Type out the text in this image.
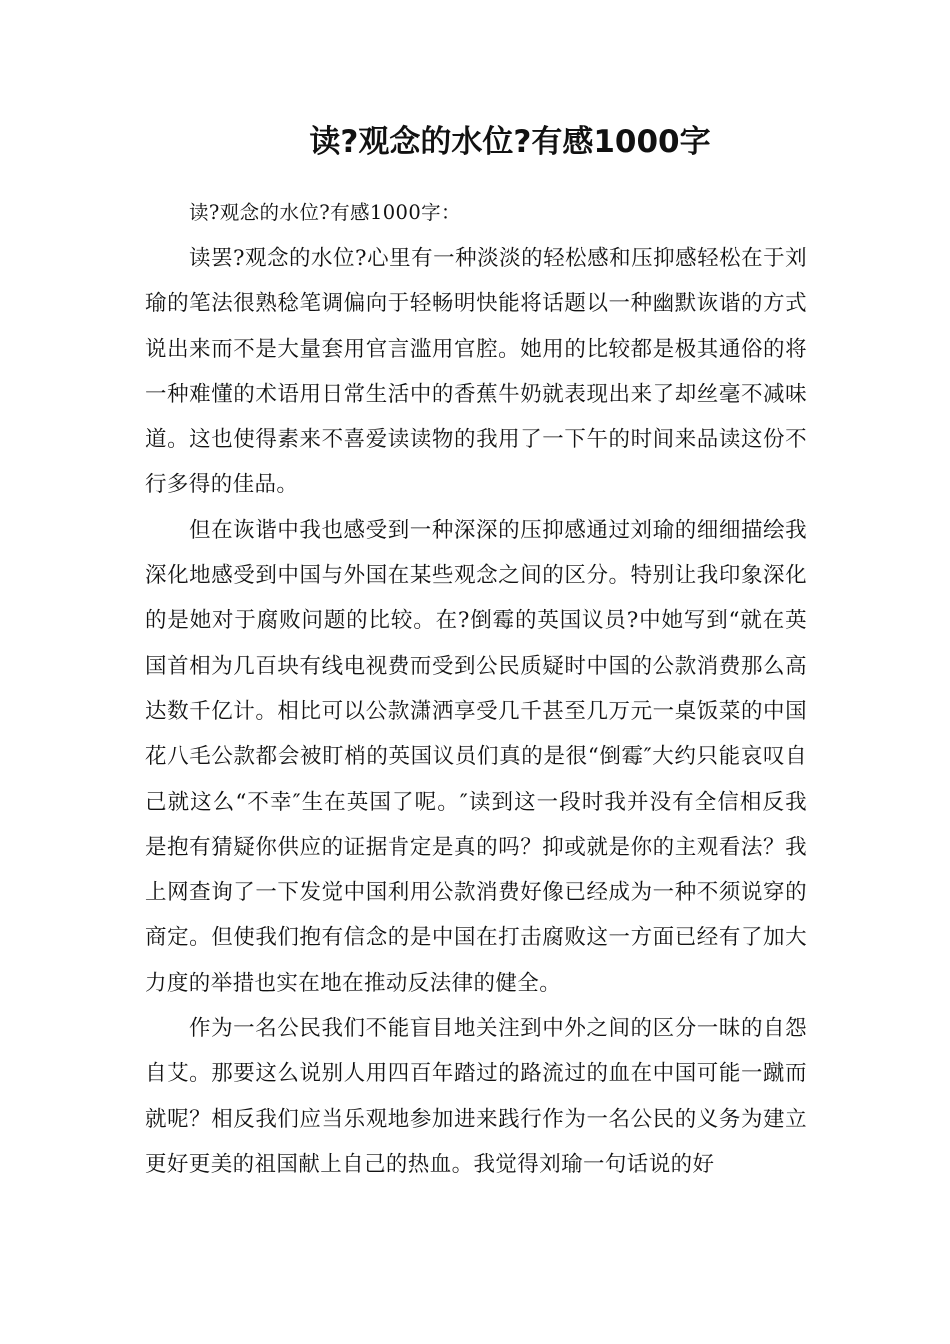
读?观念的水位?有感1000字

读?观念的水位?有感1000字：

读罢?观念的水位?心里有一种淡淡的轻松感和压抑感轻松在于刘瑜的笔法很熟稔笔调偏向于轻畅明快能将话题以一种幽默诙谐的方式说出来而不是大量套用官言滥用官腔。她用的比较都是极其通俗的将一种难懂的术语用日常生活中的香蕉牛奶就表现出来了却丝毫不减味道。这也使得素来不喜爱读读物的我用了一下午的时间来品读这份不行多得的佳品。

但在诙谐中我也感受到一种深深的压抑感通过刘瑜的细细描绘我深化地感受到中国与外国在某些观念之间的区分。特别让我印象深化的是她对于腐败问题的比较。在?倒霉的英国议员?中她写到“就在英国首相为几百块有线电视费而受到公民质疑时中国的公款消费那么高达数千亿计。相比可以公款潇洒享受几千甚至几万元一桌饭菜的中国花八毛公款都会被盯梢的英国议员们真的是很“倒霉″大约只能哀叹自己就这么“不幸″生在英国了呢。″读到这一段时我并没有全信相反我是抱有猜疑你供应的证据肯定是真的吗？抑或就是你的主观看法？我上网查询了一下发觉中国利用公款消费好像已经成为一种不须说穿的商定。但使我们抱有信念的是中国在打击腐败这一方面已经有了加大力度的举措也实在地在推动反法律的健全。

作为一名公民我们不能盲目地关注到中外之间的区分一昧的自怨自艾。那要这么说别人用四百年踏过的路流过的血在中国可能一蹴而就呢？相反我们应当乐观地参加进来践行作为一名公民的义务为建立更好更美的祖国献上自己的热血。我觉得刘瑜一句话说的好
